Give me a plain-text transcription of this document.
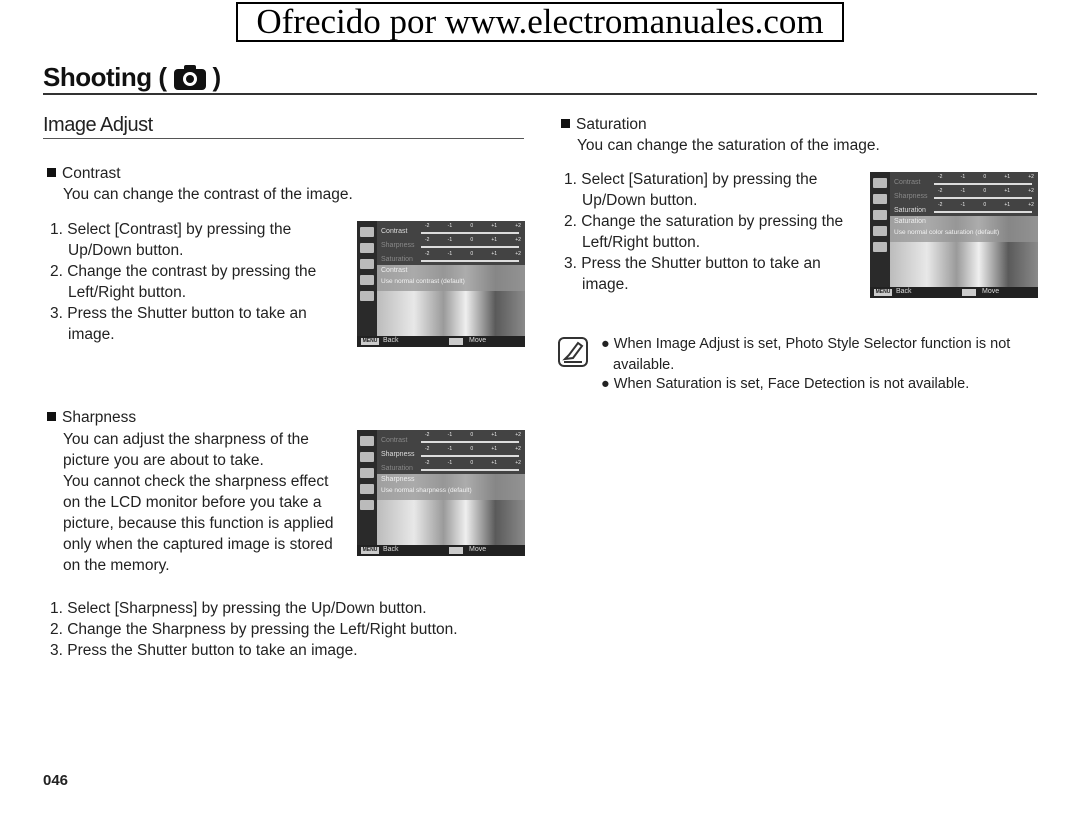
Ofrecido por www.electromanuales.com
Shooting ( )
Image Adjust
Contrast
You can change the contrast of the image.
1. Select [Contrast] by pressing the
Up/Down button.
2. Change the contrast by pressing the
Left/Right button.
3. Press the Shutter button to take an
image.
Contrast
-2	-1	0	+1	+2
Sharpness
-2	-1	0	+1	+2
Saturation
-2	-1	0	+1	+2
Contrast
Use normal contrast (default)
MENU Back	Move
Sharpness
You can adjust the sharpness of the
picture you are about to take.
You cannot check the sharpness effect
on the LCD monitor before you take a
picture, because this function is applied
only when the captured image is stored
on the memory.
Contrast
-2	-1	0	+1	+2
Sharpness
-2	-1	0	+1	+2
Saturation
-2	-1	0	+1	+2
Sharpness
Use normal sharpness (default)
MENU Back	Move
1. Select [Sharpness] by pressing the Up/Down button.
2. Change the Sharpness by pressing the Left/Right button.
3. Press the Shutter button to take an image.
Saturation
You can change the saturation of the image.
1. Select [Saturation] by pressing the
Up/Down button.
2. Change the saturation by pressing the
Left/Right button.
3. Press the Shutter button to take an
image.
Contrast
-2	-1	0	+1	+2
Sharpness
-2	-1	0	+1	+2
Saturation
-2	-1	0	+1	+2
Saturation
Use normal color saturation (default)
MENU Back	Move
● When Image Adjust is set, Photo Style Selector function is not
available.
● When Saturation is set, Face Detection is not available.
046
